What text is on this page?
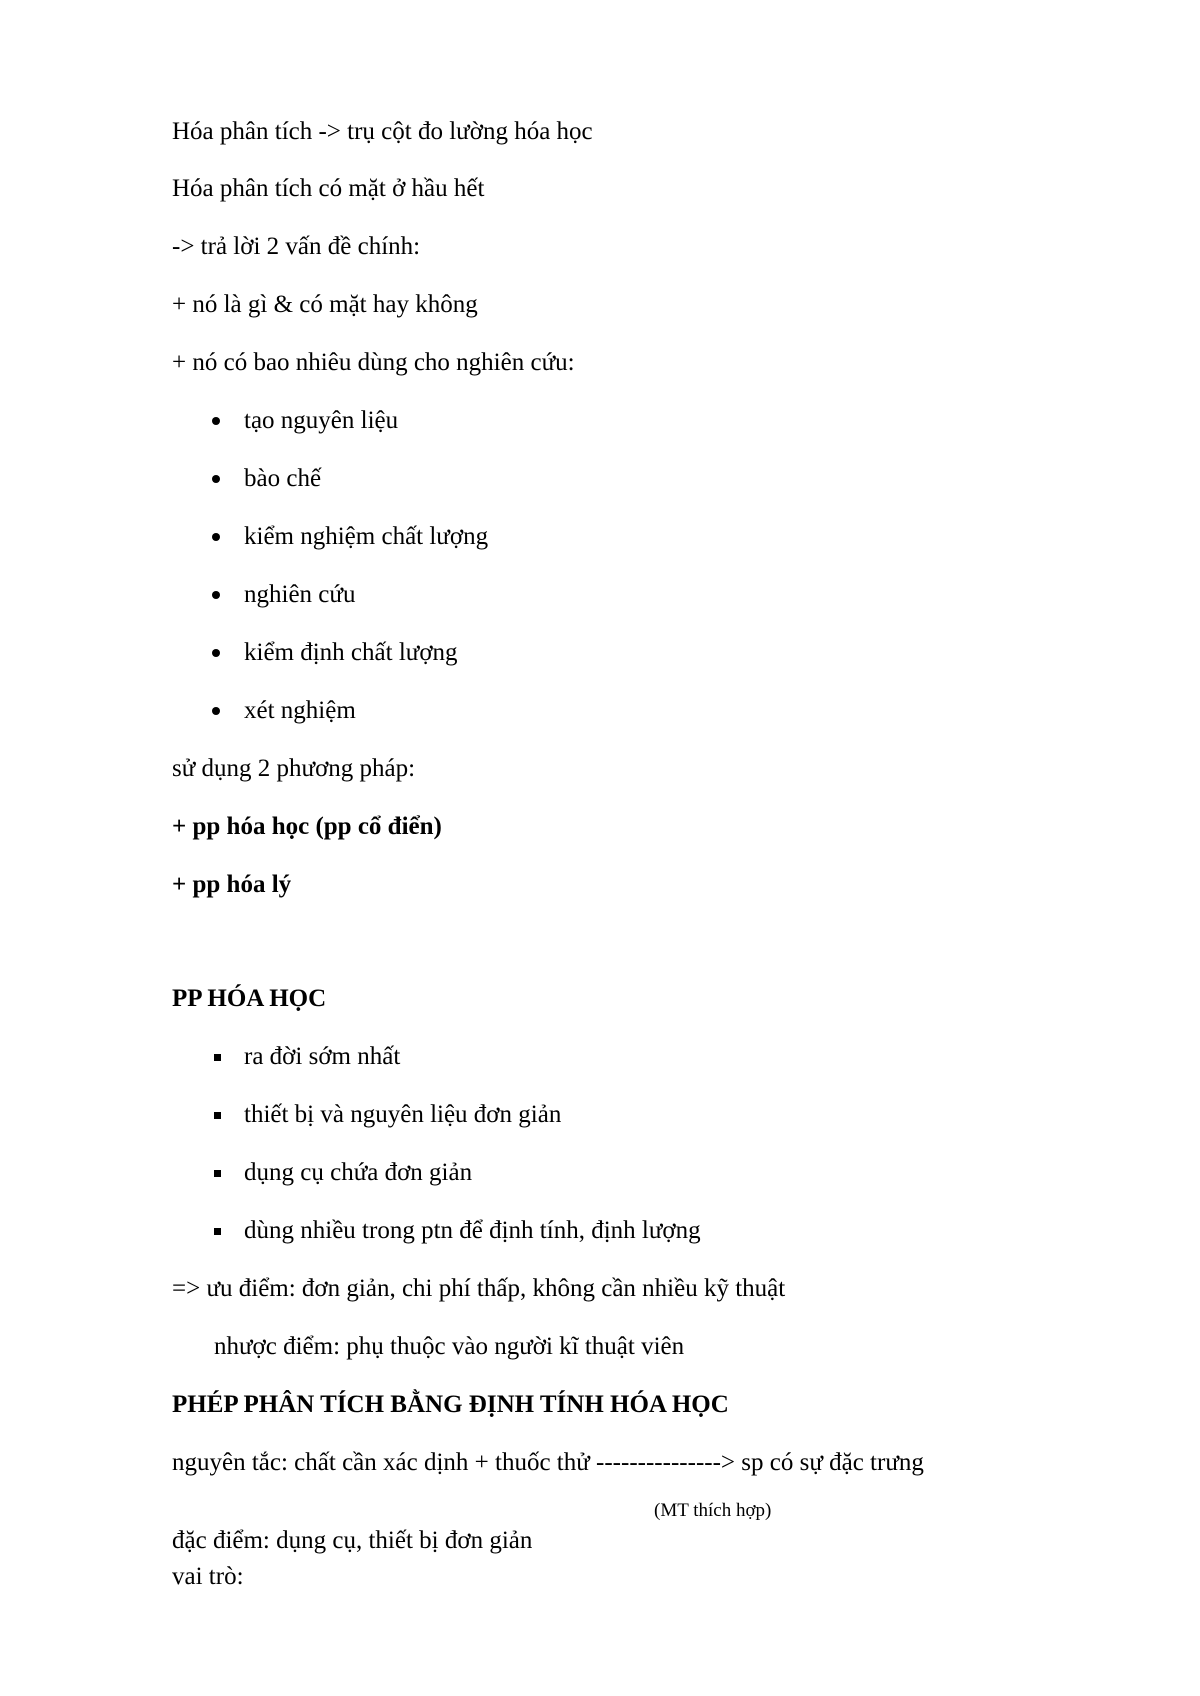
Hóa phân tích -> trụ cột đo lường hóa học
Hóa phân tích có mặt ở hầu hết
-> trả lời 2 vấn đề chính:
+ nó là gì & có mặt hay không
+ nó có bao nhiêu dùng cho nghiên cứu:
tạo nguyên liệu
bào chế
kiểm nghiệm chất lượng
nghiên cứu
kiểm định chất lượng
xét nghiệm
sử dụng 2 phương pháp:
+ pp hóa học (pp cổ điển)
+ pp hóa lý
PP HÓA HỌC
ra đời sớm nhất
thiết bị và nguyên liệu đơn giản
dụng cụ chứa đơn giản
dùng nhiều trong ptn để định tính, định lượng
=> ưu điểm: đơn giản, chi phí thấp, không cần nhiều kỹ thuật
nhược điểm: phụ thuộc vào người kĩ thuật viên
PHÉP PHÂN TÍCH BẰNG ĐỊNH TÍNH HÓA HỌC
nguyên tắc: chất cần xác dịnh + thuốc thử ---------------> sp có sự đặc trưng
(MT thích hợp)
đặc điểm: dụng cụ, thiết bị đơn giản
vai trò:
